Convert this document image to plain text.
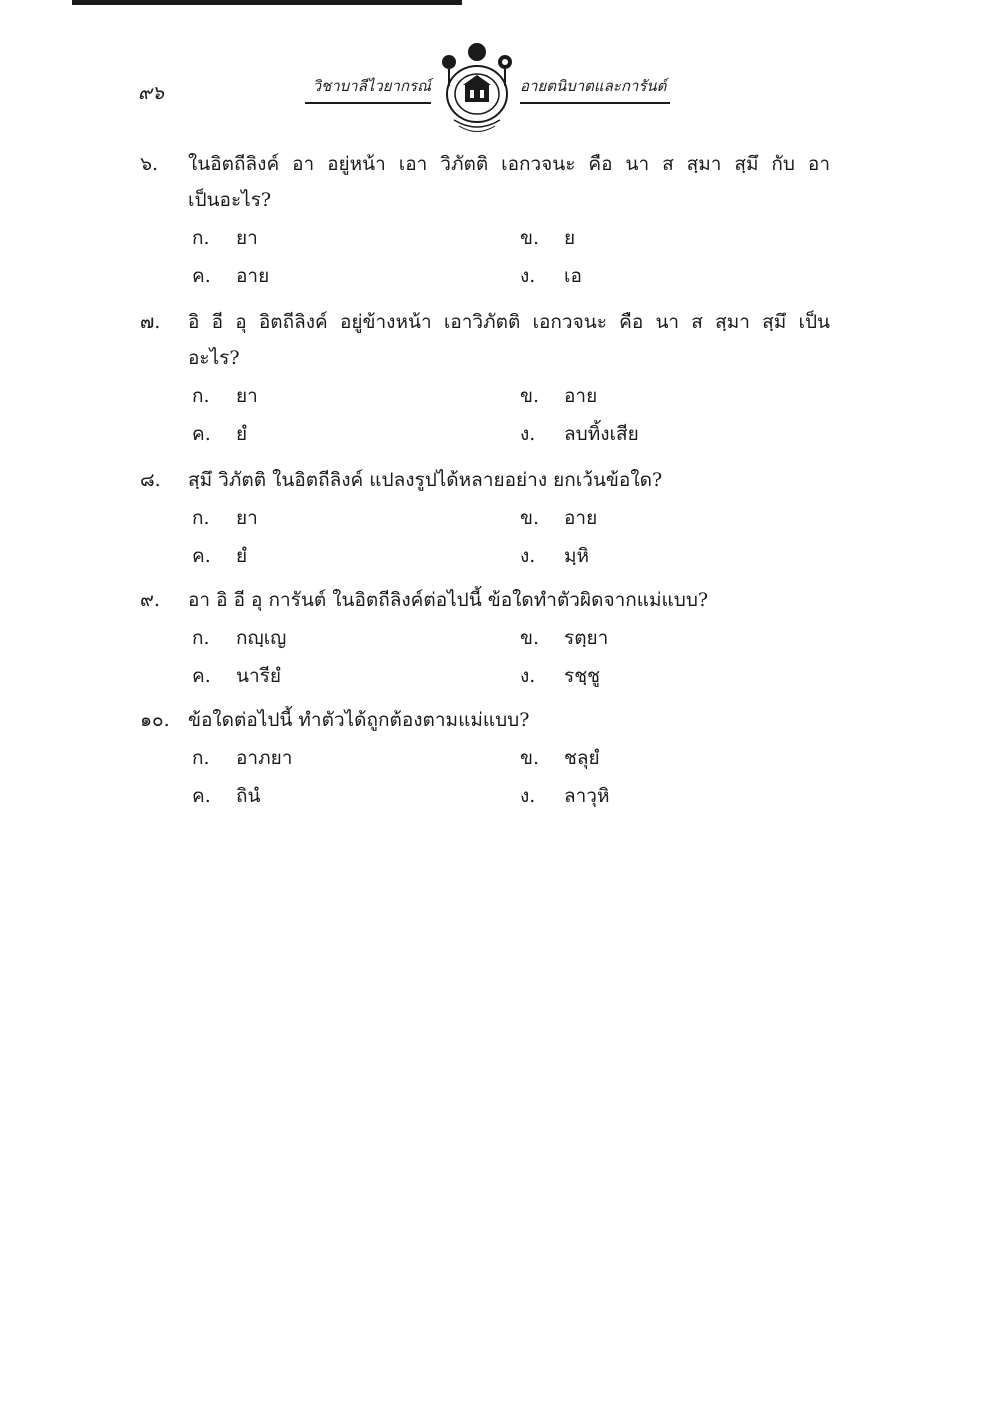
๙๖	วิชาบาลีไวยากรณ์	อายตนิบาตและการันต์
๖.	ในอิตถีลิงค์ อา อยู่หน้า เอา วิภัตติ เอกวจนะ คือ นา ส สฺมา สฺมึ กับ อา
เป็นอะไร?
ก.	ยา	ข.	ย
ค.	อาย	ง.	เอ
๗.	อิ อี อุ อิตถีลิงค์ อยู่ข้างหน้า เอาวิภัตติ เอกวจนะ คือ นา ส สฺมา สฺมึ เป็น
อะไร?
ก.	ยา	ข.	อาย
ค.	ยํ	ง.	ลบทิ้งเสีย
๘.	สฺมึ วิภัตติ ในอิตถีลิงค์ แปลงรูปได้หลายอย่าง ยกเว้นข้อใด?
ก.	ยา	ข.	อาย
ค.	ยํ	ง.	มฺหิ
๙.	อา อิ อี อุ การันต์ ในอิตถีลิงค์ต่อไปนี้ ข้อใดทำตัวผิดจากแม่แบบ?
ก.	กญฺเญ	ข.	รตฺยา
ค.	นารียํ	ง.	รชฺชู
๑๐. ข้อใดต่อไปนี้ ทำตัวได้ถูกต้องตามแม่แบบ?
ก.	อาภยา	ข.	ชลุยํ
ค.	ถินํ	ง.	ลาวุหิ
